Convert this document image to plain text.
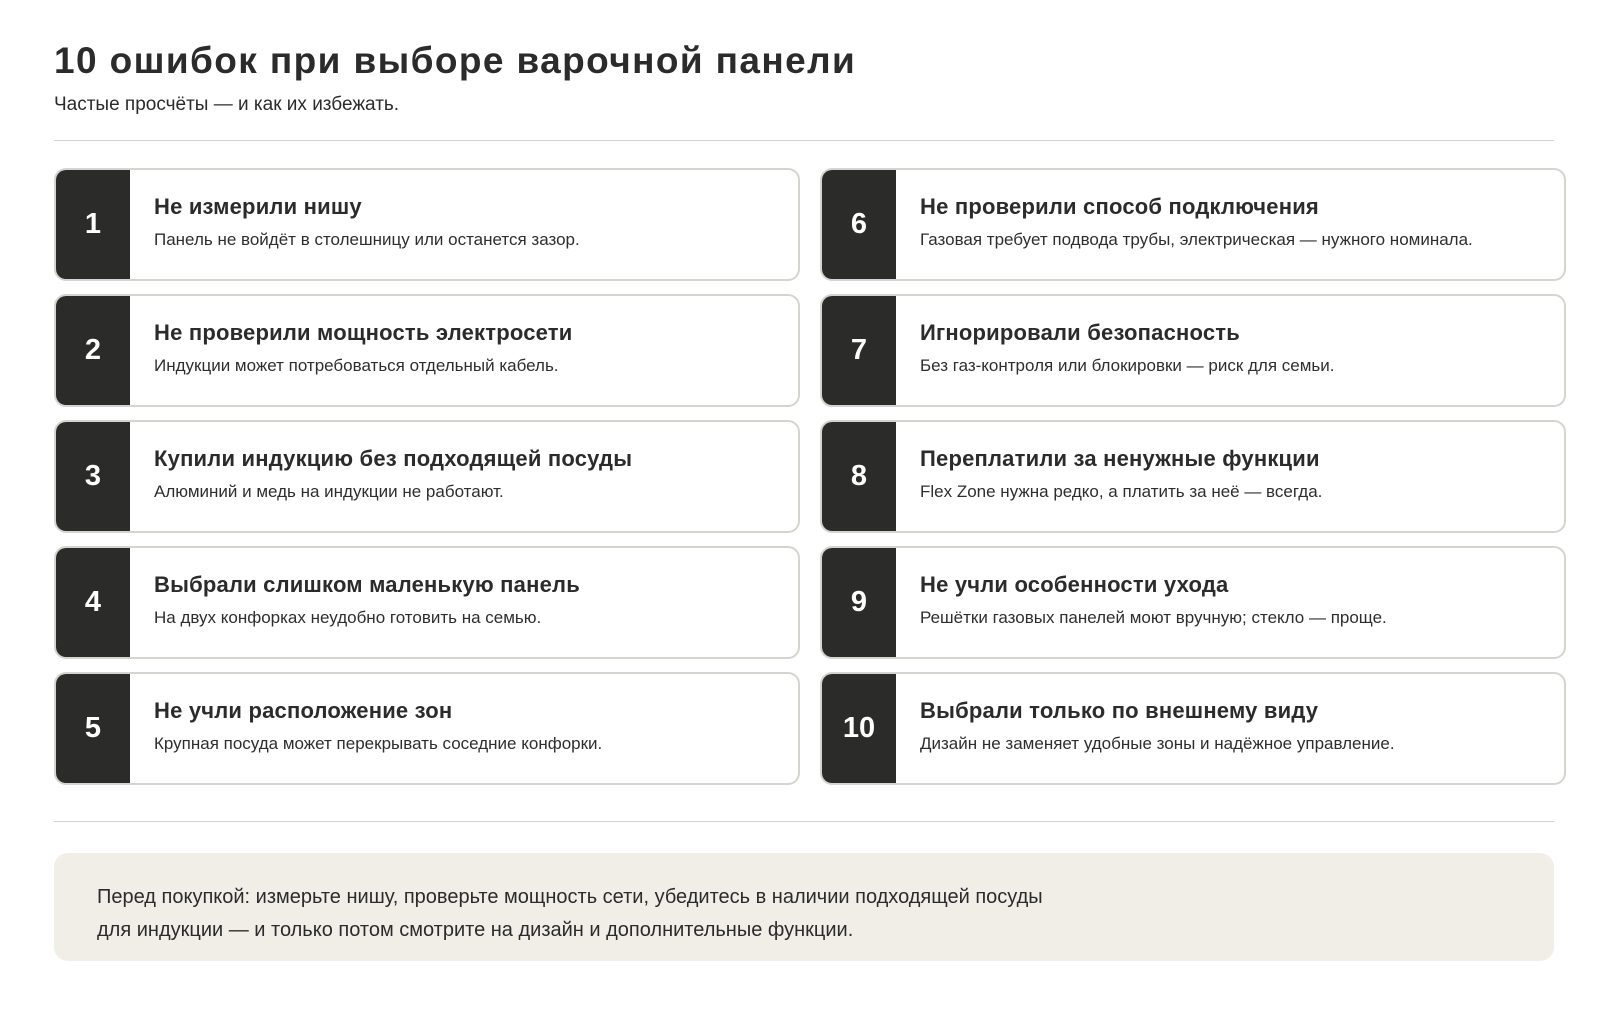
10 ошибок при выборе варочной панели
Частые просчёты — и как их избежать.
1
Не измерили нишу
Панель не войдёт в столешницу или останется зазор.	6
Не проверили способ подключения
Газовая требует подвода трубы, электрическая — нужного номинала.
2
Не проверили мощность электросети
Индукции может потребоваться отдельный кабель.	7
Игнорировали безопасность
Без газ-контроля или блокировки — риск для семьи.
3
Купили индукцию без подходящей посуды
Алюминий и медь на индукции не работают.	8
Переплатили за ненужные функции
Flex Zone нужна редко, а платить за неё — всегда.
4
Выбрали слишком маленькую панель
На двух конфорках неудобно готовить на семью.	9
Не учли особенности ухода
Решётки газовых панелей моют вручную; стекло — проще.
5
Не учли расположение зон
Крупная посуда может перекрывать соседние конфорки.	10
Выбрали только по внешнему виду
Дизайн не заменяет удобные зоны и надёжное управление.
Перед покупкой: измерьте нишу, проверьте мощность сети, убедитесь в наличии подходящей посуды
для индукции — и только потом смотрите на дизайн и дополнительные функции.
